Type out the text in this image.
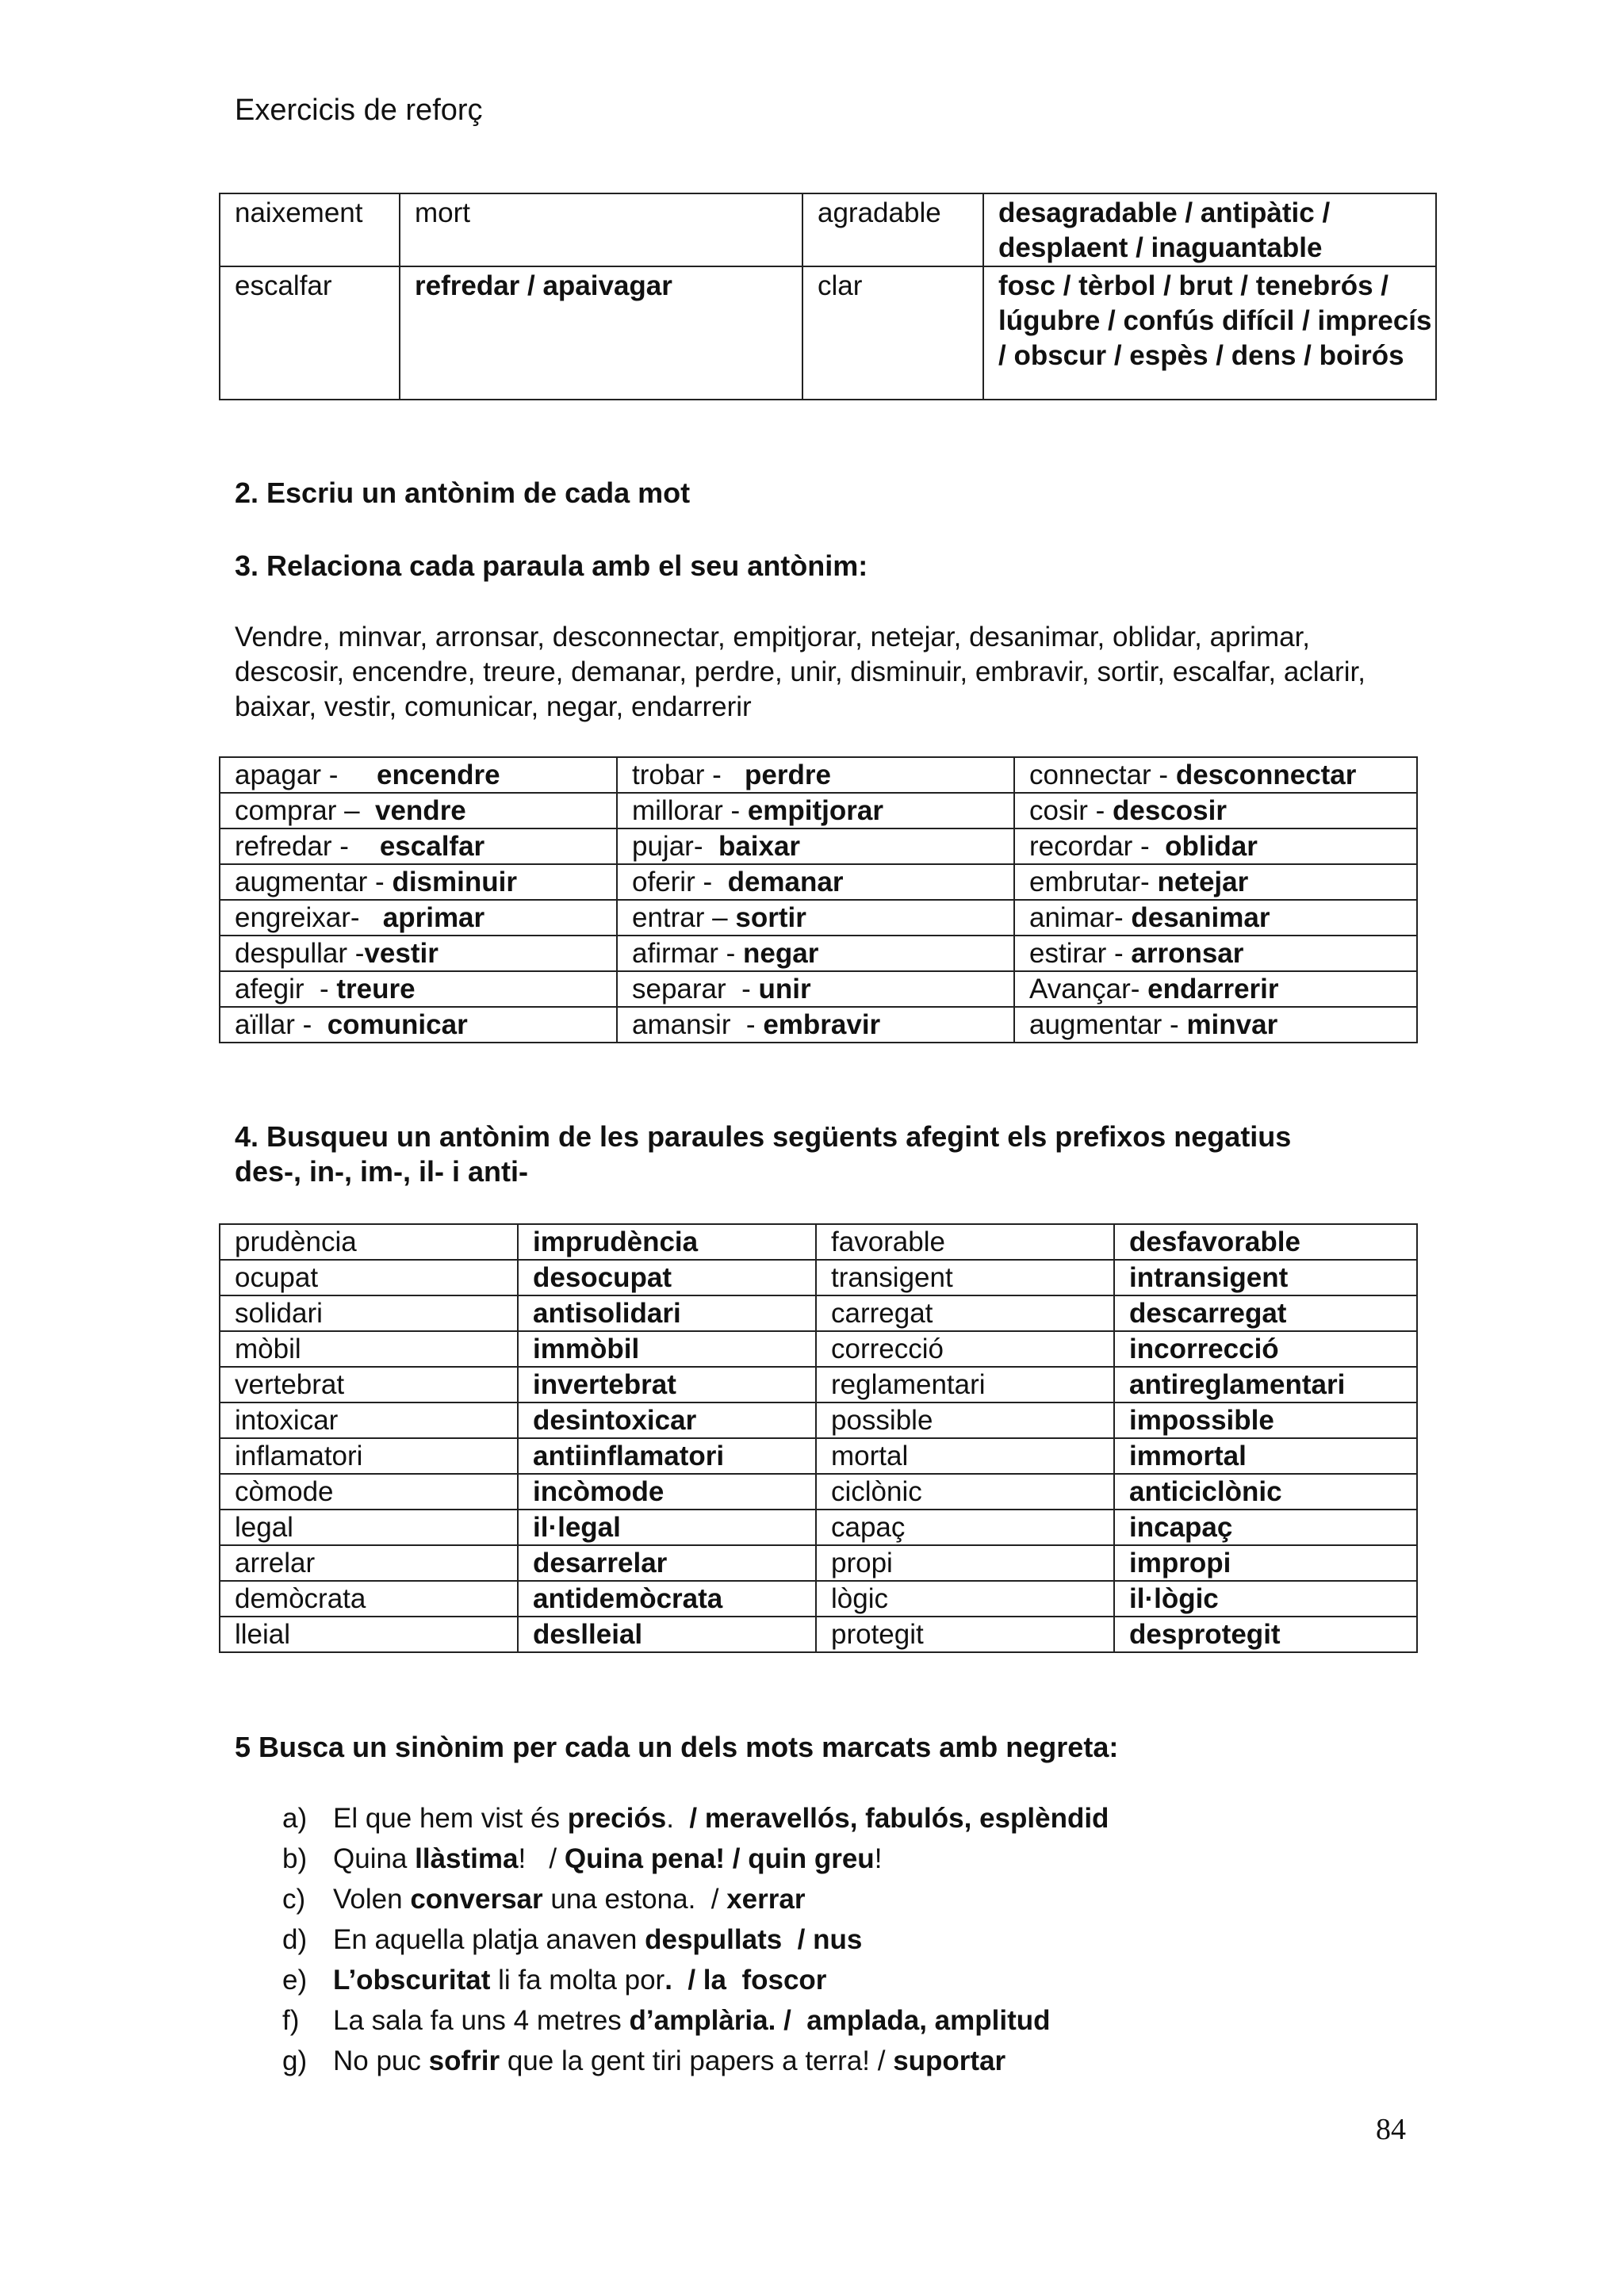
Exercicis de reforç
naixement	mort	agradable	desagradable / antipàtic / desplaent / inaguantable
escalfar	refredar / apaivagar	clar	fosc / tèrbol / brut / tenebrós / lúgubre / confús difícil / imprecís / obscur / espès / dens / boirós
2. Escriu un antònim de cada mot
3. Relaciona cada paraula amb el seu antònim:
Vendre, minvar, arronsar, desconnectar, empitjorar, netejar, desanimar, oblidar, aprimar, descosir, encendre, treure, demanar, perdre, unir, disminuir, embravir, sortir, escalfar, aclarir, baixar, vestir, comunicar, negar, endarrerir
apagar -     encendre	trobar -   perdre	connectar - desconnectar
comprar –  vendre	millorar - empitjorar	cosir - descosir
refredar -    escalfar	pujar-  baixar	recordar -  oblidar
augmentar - disminuir	oferir -  demanar	embrutar- netejar
engreixar-   aprimar	entrar – sortir	animar- desanimar
despullar -vestir	afirmar - negar	estirar - arronsar
afegir  - treure	separar  - unir	Avançar- endarrerir
aïllar -  comunicar	amansir  - embravir	augmentar - minvar
4. Busqueu un antònim de les paraules següents afegint els prefixos negatius
des-, in-, im-, il- i anti-
prudència	imprudència	favorable	desfavorable
ocupat	desocupat	transigent	intransigent
solidari	antisolidari	carregat	descarregat
mòbil	immòbil	correcció	incorrecció
vertebrat	invertebrat	reglamentari	antireglamentari
intoxicar	desintoxicar	possible	impossible
inflamatori	antiinflamatori	mortal	immortal
còmode	incòmode	ciclònic	anticiclònic
legal	il·legal	capaç	incapaç
arrelar	desarrelar	propi	impropi
demòcrata	antidemòcrata	lògic	il·lògic
lleial	deslleial	protegit	desprotegit
5 Busca un sinònim per cada un dels mots marcats amb negreta:
a) El que hem vist és preciós.  / meravellós, fabulós, esplèndid
b) Quina llàstima!   / Quina pena! / quin greu!
c) Volen conversar una estona.  / xerrar
d) En aquella platja anaven despullats  / nus
e) L’obscuritat li fa molta por.  / la  foscor
f) La sala fa uns 4 metres d’amplària. /  amplada, amplitud
g) No puc sofrir que la gent tiri papers a terra! / suportar
84
